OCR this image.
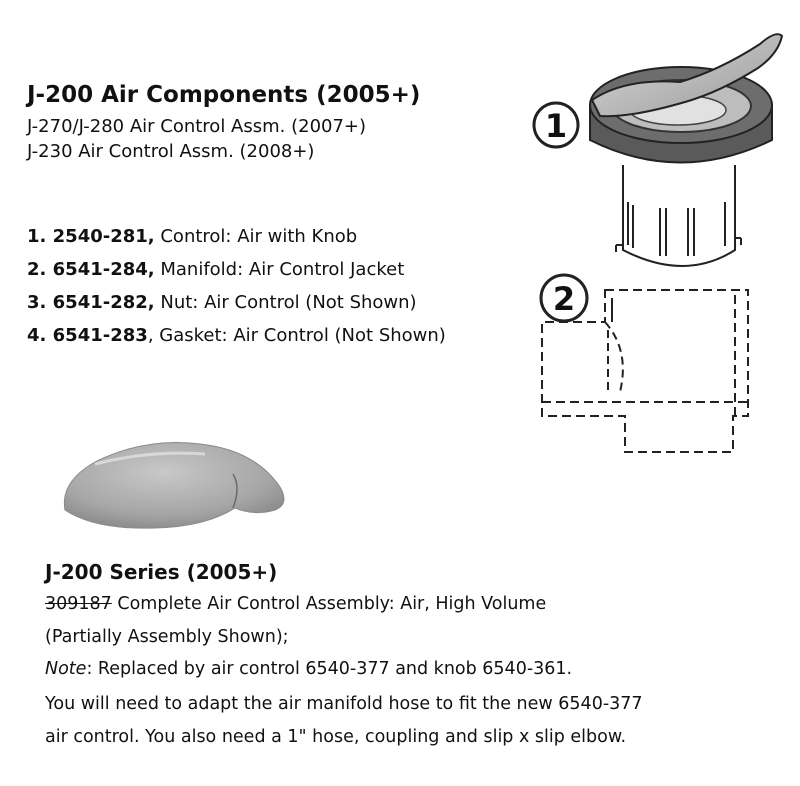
J-200 Air Components (2005+)
J-270/J-280 Air Control Assm. (2007+)
J-230 Air Control Assm. (2008+)
1. 2540-281, Control: Air with Knob
2. 6541-284, Manifold: Air Control Jacket
3. 6541-282, Nut: Air Control (Not Shown)
4. 6541-283, Gasket: Air Control (Not Shown)
1
2
J-200 Series (2005+)
309187 Complete Air Control Assembly: Air, High Volume
(Partially Assembly Shown);
Note: Replaced by air control 6540-377 and knob 6540-361.
You will need to adapt the air manifold hose to fit the new 6540-377
air control. You also need a 1" hose, coupling and slip x slip elbow.
